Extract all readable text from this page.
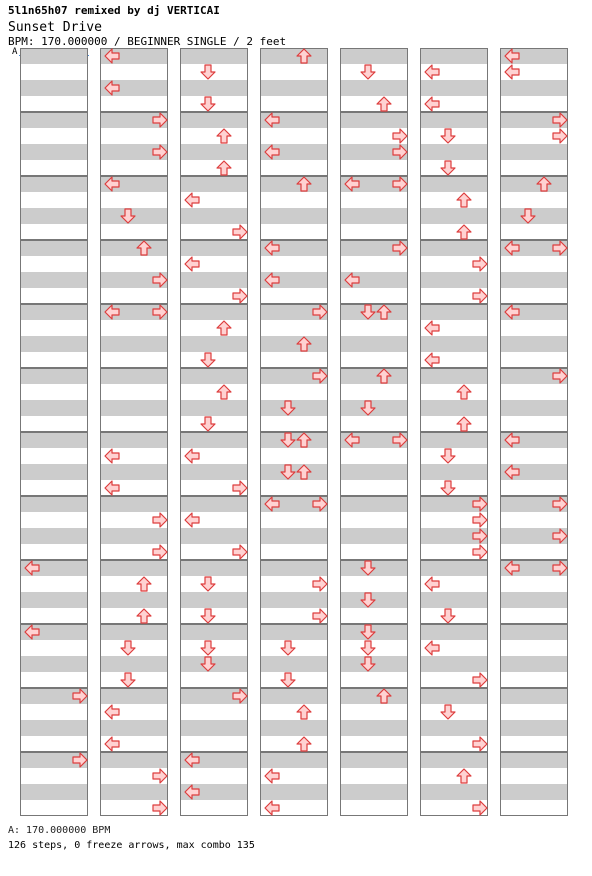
5l1n65h07 remixed by dj VERTICAI
Sunset Drive
BPM: 170.000000 / BEGINNER SINGLE / 2 feet
A
A: 170.000000 BPM
126 steps, 0 freeze arrows, max combo 135
